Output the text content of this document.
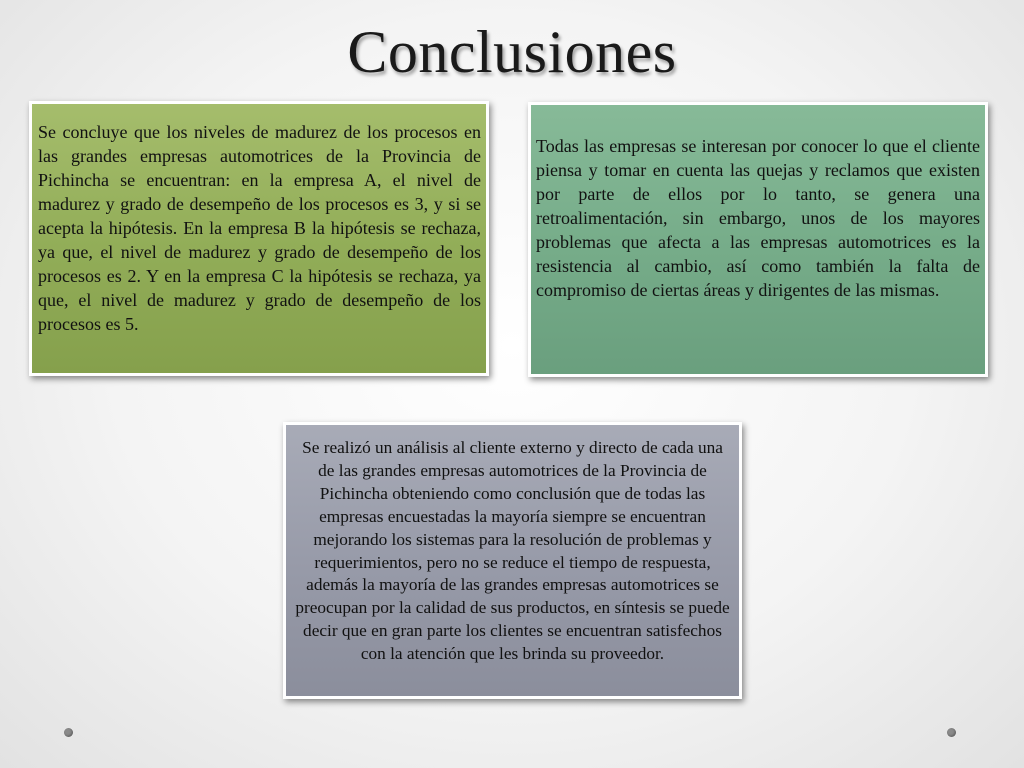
Conclusiones

Se concluye que los niveles de madurez de los procesos en las grandes empresas automotrices de la Provincia de Pichincha se encuentran: en la empresa A, el nivel de madurez y grado de desempeño de los procesos es 3, y si se acepta la hipótesis. En la empresa B la hipótesis se rechaza, ya que, el nivel de madurez y grado de desempeño de los procesos es 2. Y en la empresa C la hipótesis se rechaza, ya que, el nivel de madurez y grado de desempeño de los procesos es 5.

Todas las empresas se interesan por conocer lo que el cliente piensa y tomar en cuenta las quejas y reclamos que existen por parte de ellos por lo tanto, se genera una retroalimentación, sin embargo, unos de los mayores problemas que afecta a las empresas automotrices es la resistencia al cambio, así como también la falta de compromiso de ciertas áreas y dirigentes de las mismas.

Se realizó un análisis al cliente externo y directo de cada una de las grandes empresas automotrices de la Provincia de Pichincha obteniendo como conclusión que de todas las empresas encuestadas la mayoría siempre se encuentran mejorando los sistemas para la resolución de problemas y requerimientos, pero no se reduce el tiempo de respuesta, además la mayoría de las grandes empresas automotrices se preocupan por la calidad de sus productos, en síntesis se puede decir que en gran parte los clientes se encuentran satisfechos con la atención que les brinda su proveedor.
